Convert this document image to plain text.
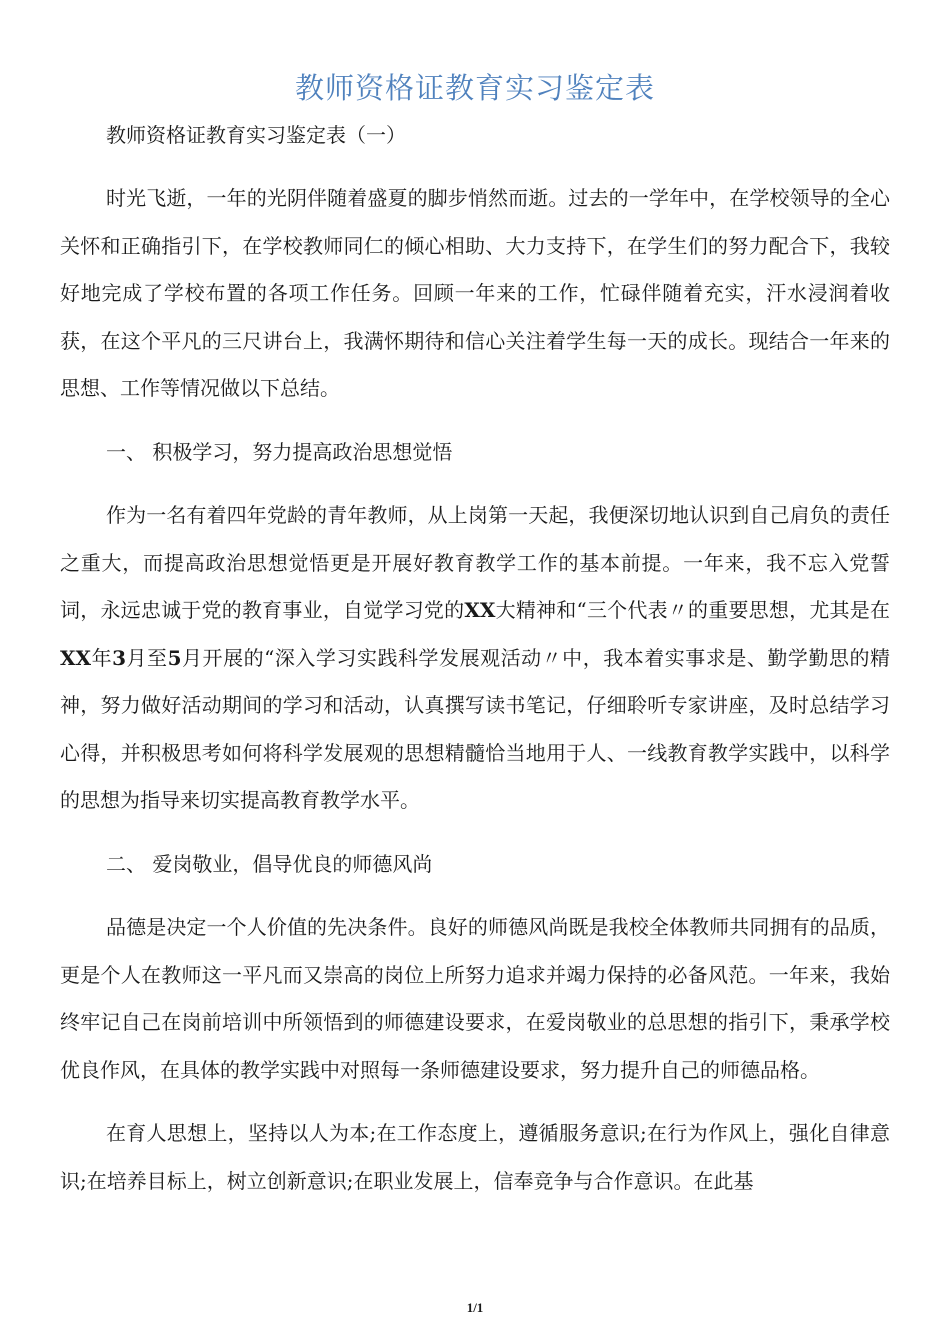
教师资格证教育实习鉴定表

教师资格证教育实习鉴定表（一）

时光飞逝，一年的光阴伴随着盛夏的脚步悄然而逝。过去的一学年中，在学校领导的全心关怀和正确指引下，在学校教师同仁的倾心相助、大力支持下，在学生们的努力配合下，我较好地完成了学校布置的各项工作任务。回顾一年来的工作，忙碌伴随着充实，汗水浸润着收获，在这个平凡的三尺讲台上，我满怀期待和信心关注着学生每一天的成长。现结合一年来的思想、工作等情况做以下总结。

一、 积极学习，努力提高政治思想觉悟

作为一名有着四年党龄的青年教师，从上岗第一天起，我便深切地认识到自己肩负的责任之重大，而提高政治思想觉悟更是开展好教育教学工作的基本前提。一年来，我不忘入党誓词，永远忠诚于党的教育事业，自觉学习党的XX大精神和“三个代表〃的重要思想，尤其是在XX年3月至5月开展的“深入学习实践科学发展观活动〃中，我本着实事求是、勤学勤思的精神，努力做好活动期间的学习和活动，认真撰写读书笔记，仔细聆听专家讲座，及时总结学习心得，并积极思考如何将科学发展观的思想精髓恰当地用于人、一线教育教学实践中，以科学的思想为指导来切实提高教育教学水平。

二、 爱岗敬业，倡导优良的师德风尚

品德是决定一个人价值的先决条件。良好的师德风尚既是我校全体教师共同拥有的品质，更是个人在教师这一平凡而又崇高的岗位上所努力追求并竭力保持的必备风范。一年来，我始终牢记自己在岗前培训中所领悟到的师德建设要求，在爱岗敬业的总思想的指引下，秉承学校优良作风，在具体的教学实践中对照每一条师德建设要求，努力提升自己的师德品格。

在育人思想上，坚持以人为本;在工作态度上，遵循服务意识;在行为作风上，强化自律意识;在培养目标上，树立创新意识;在职业发展上，信奉竞争与合作意识。在此基

1/1
